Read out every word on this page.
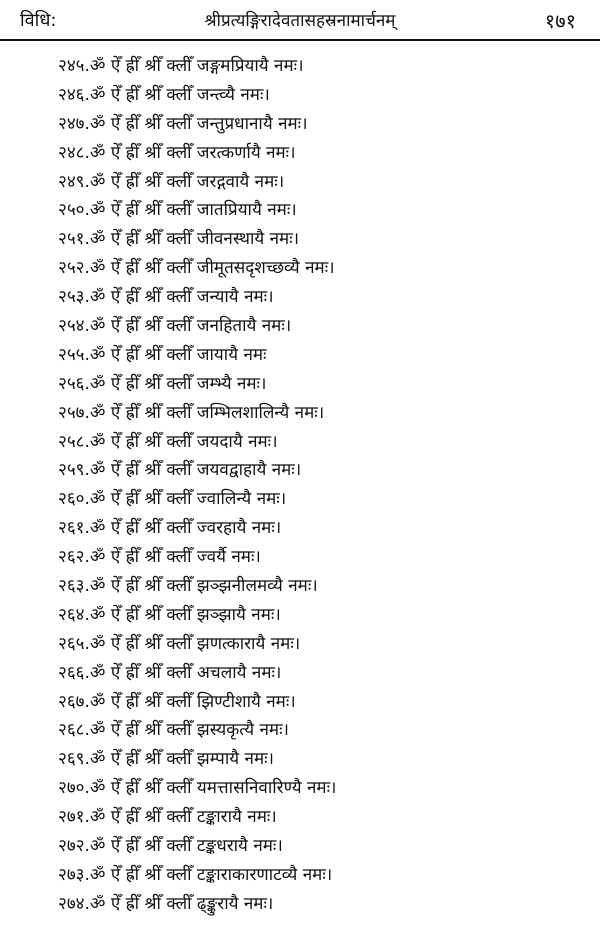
विधि:	श्रीप्रत्यङ्गिरादेवतासहस्रनामार्चनम्	१७१
२४५.ॐ ऐँ ह्रीँ श्रीँ क्लीँ जङ्गमप्रियायै नमः।
२४६.ॐ ऐँ ह्रीँ श्रीँ क्लीँ जन्त्व्यै नमः।
२४७.ॐ ऐँ ह्रीँ श्रीँ क्लीँ जन्तुप्रधानायै नमः।
२४८.ॐ ऐँ ह्रीँ श्रीँ क्लीँ जरत्कर्णायै नमः।
२४९.ॐ ऐँ ह्रीँ श्रीँ क्लीँ जरद्गवायै नमः।
२५०.ॐ ऐँ ह्रीँ श्रीँ क्लीँ जातप्रियायै नमः।
२५१.ॐ ऐँ ह्रीँ श्रीँ क्लीँ जीवनस्थायै नमः।
२५२.ॐ ऐँ ह्रीँ श्रीँ क्लीँ जीमूतसदृशच्छव्यै नमः।
२५३.ॐ ऐँ ह्रीँ श्रीँ क्लीँ जन्यायै नमः।
२५४.ॐ ऐँ ह्रीँ श्रीँ क्लीँ जनहितायै नमः।
२५५.ॐ ऐँ ह्रीँ श्रीँ क्लीँ जायायै नमः
२५६.ॐ ऐँ ह्रीँ श्रीँ क्लीँ जम्भ्यै नमः।
२५७.ॐ ऐँ ह्रीँ श्रीँ क्लीँ जम्भिलशालिन्यै नमः।
२५८.ॐ ऐँ ह्रीँ श्रीँ क्लीँ जयदायै नमः।
२५९.ॐ ऐँ ह्रीँ श्रीँ क्लीँ जयवद्वाहायै नमः।
२६०.ॐ ऐँ ह्रीँ श्रीँ क्लीँ ज्वालिन्यै नमः।
२६१.ॐ ऐँ ह्रीँ श्रीँ क्लीँ ज्वरहायै नमः।
२६२.ॐ ऐँ ह्रीँ श्रीँ क्लीँ ज्वर्यै नमः।
२६३.ॐ ऐँ ह्रीँ श्रीँ क्लीँ झञ्झनीलमव्यै नमः।
२६४.ॐ ऐँ ह्रीँ श्रीँ क्लीँ झञ्झायै नमः।
२६५.ॐ ऐँ ह्रीँ श्रीँ क्लीँ झणत्कारायै नमः।
२६६.ॐ ऐँ ह्रीँ श्रीँ क्लीँ अचलायै नमः।
२६७.ॐ ऐँ ह्रीँ श्रीँ क्लीँ झिण्टीशायै नमः।
२६८.ॐ ऐँ ह्रीँ श्रीँ क्लीँ झस्यकृत्यै नमः।
२६९.ॐ ऐँ ह्रीँ श्रीँ क्लीँ झम्पायै नमः।
२७०.ॐ ऐँ ह्रीँ श्रीँ क्लीँ यमत्तासनिवारिण्यै नमः।
२७१.ॐ ऐँ ह्रीँ श्रीँ क्लीँ टङ्कारायै नमः।
२७२.ॐ ऐँ ह्रीँ श्रीँ क्लीँ टङ्कधरायै नमः।
२७३.ॐ ऐँ ह्रीँ श्रीँ क्लीँ टङ्काराकारणाटव्यै नमः।
२७४.ॐ ऐँ ह्रीँ श्रीँ क्लीँ ढ्ङ्कुरायै नमः।
